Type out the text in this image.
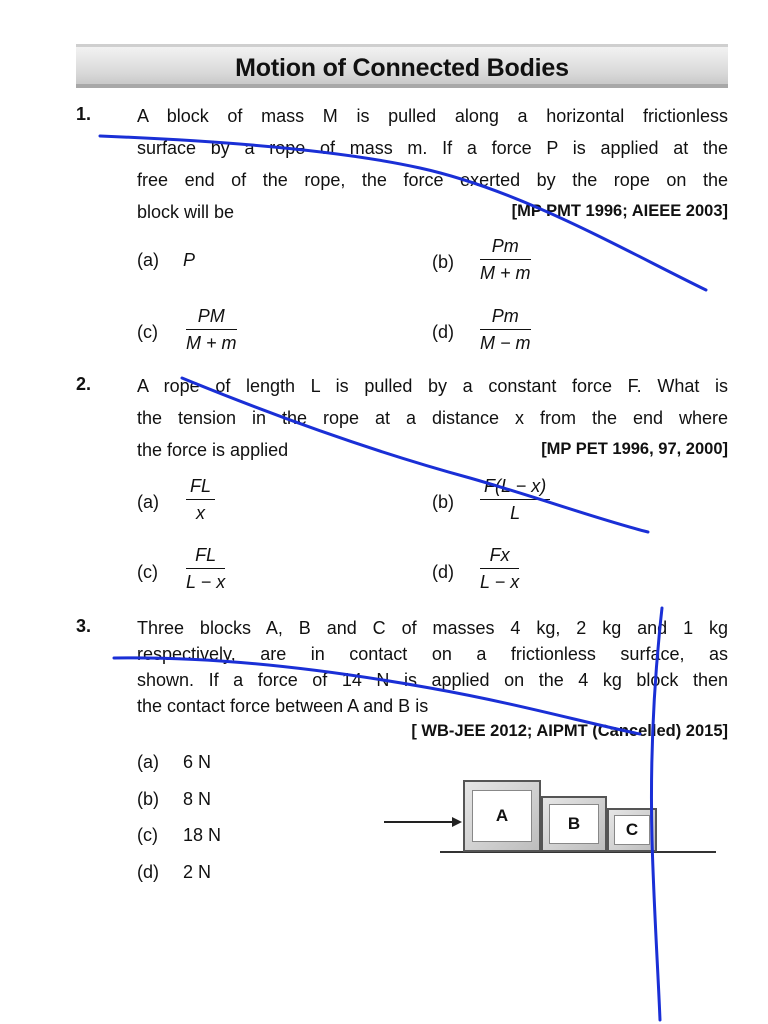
Motion of Connected Bodies
1.	A block of mass M is pulled along a horizontal frictionless
surface by a rope of mass m. If a force P is applied at the
free end of the rope, the force exerted by the rope on the
block will be	[MP PMT 1996; AIEEE 2003]
(a) P	$(b) \frac{Pm}{M + m}$
$(c) \frac{PM}{M + m}$	$(d) \frac{Pm}{M - m}$
2.	A rope of length L is pulled by a constant force F. What is
the tension in the rope at a distance x from the end where
the force is applied	[MP PET 1996, 97, 2000]
$(a) \frac{FL}{x}$	$(b) \frac{F(L - x)}{L}$
$(c) \frac{FL}{L - x}$	$(d) \frac{Fx}{L - x}$
3.	Three blocks A, B and C of masses 4 kg, 2 kg and 1 kg
respectively, are in contact on a frictionless surface, as
shown. If a force of 14 N is applied on the 4 kg block then
the contact force between A and B is
[ WB-JEE 2012; AIPMT (Cancelled) 2015]
(a) 6 N
(b) 8 N
(c) 18 N
(d) 2 N
A	B	C
